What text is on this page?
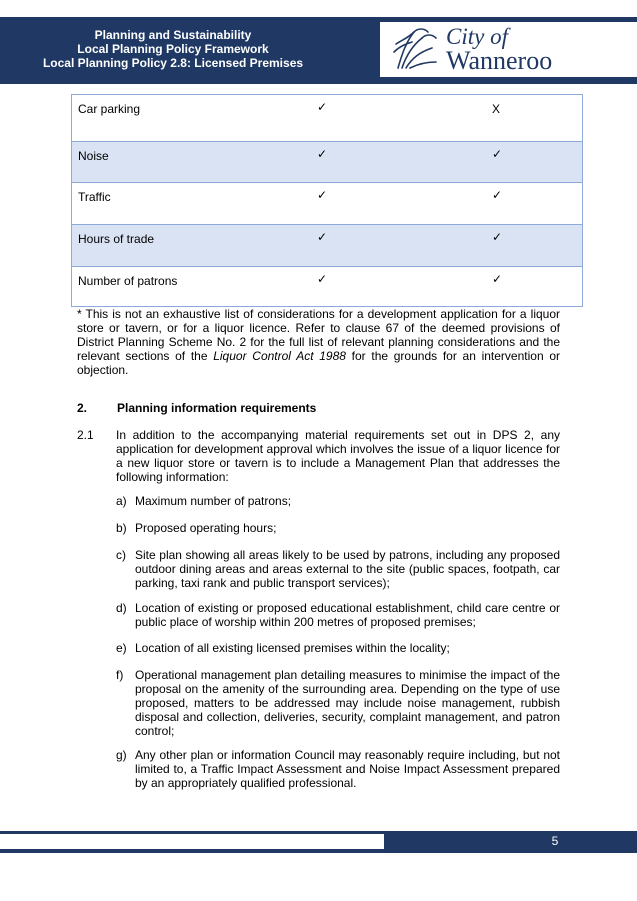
Planning and Sustainability
Local Planning Policy Framework
Local Planning Policy 2.8: Licensed Premises
City of
Wanneroo
Car parking	✓	X
Noise	✓	✓
Traffic	✓	✓
Hours of trade	✓	✓
Number of patrons	✓	✓
* This is not an exhaustive list of considerations for a development application for a liquor store or tavern, or for a liquor licence. Refer to clause 67 of the deemed provisions of District Planning Scheme No. 2 for the full list of relevant planning considerations and the relevant sections of the Liquor Control Act 1988 for the grounds for an intervention or objection.
2. Planning information requirements
2.1 In addition to the accompanying material requirements set out in DPS 2, any application for development approval which involves the issue of a liquor licence for a new liquor store or tavern is to include a Management Plan that addresses the following information:
a) Maximum number of patrons;
b) Proposed operating hours;
c) Site plan showing all areas likely to be used by patrons, including any proposed outdoor dining areas and areas external to the site (public spaces, footpath, car parking, taxi rank and public transport services);
d) Location of existing or proposed educational establishment, child care centre or public place of worship within 200 metres of proposed premises;
e) Location of all existing licensed premises within the locality;
f) Operational management plan detailing measures to minimise the impact of the proposal on the amenity of the surrounding area. Depending on the type of use proposed, matters to be addressed may include noise management, rubbish disposal and collection, deliveries, security, complaint management, and patron control;
g) Any other plan or information Council may reasonably require including, but not limited to, a Traffic Impact Assessment and Noise Impact Assessment prepared by an appropriately qualified professional.
5
